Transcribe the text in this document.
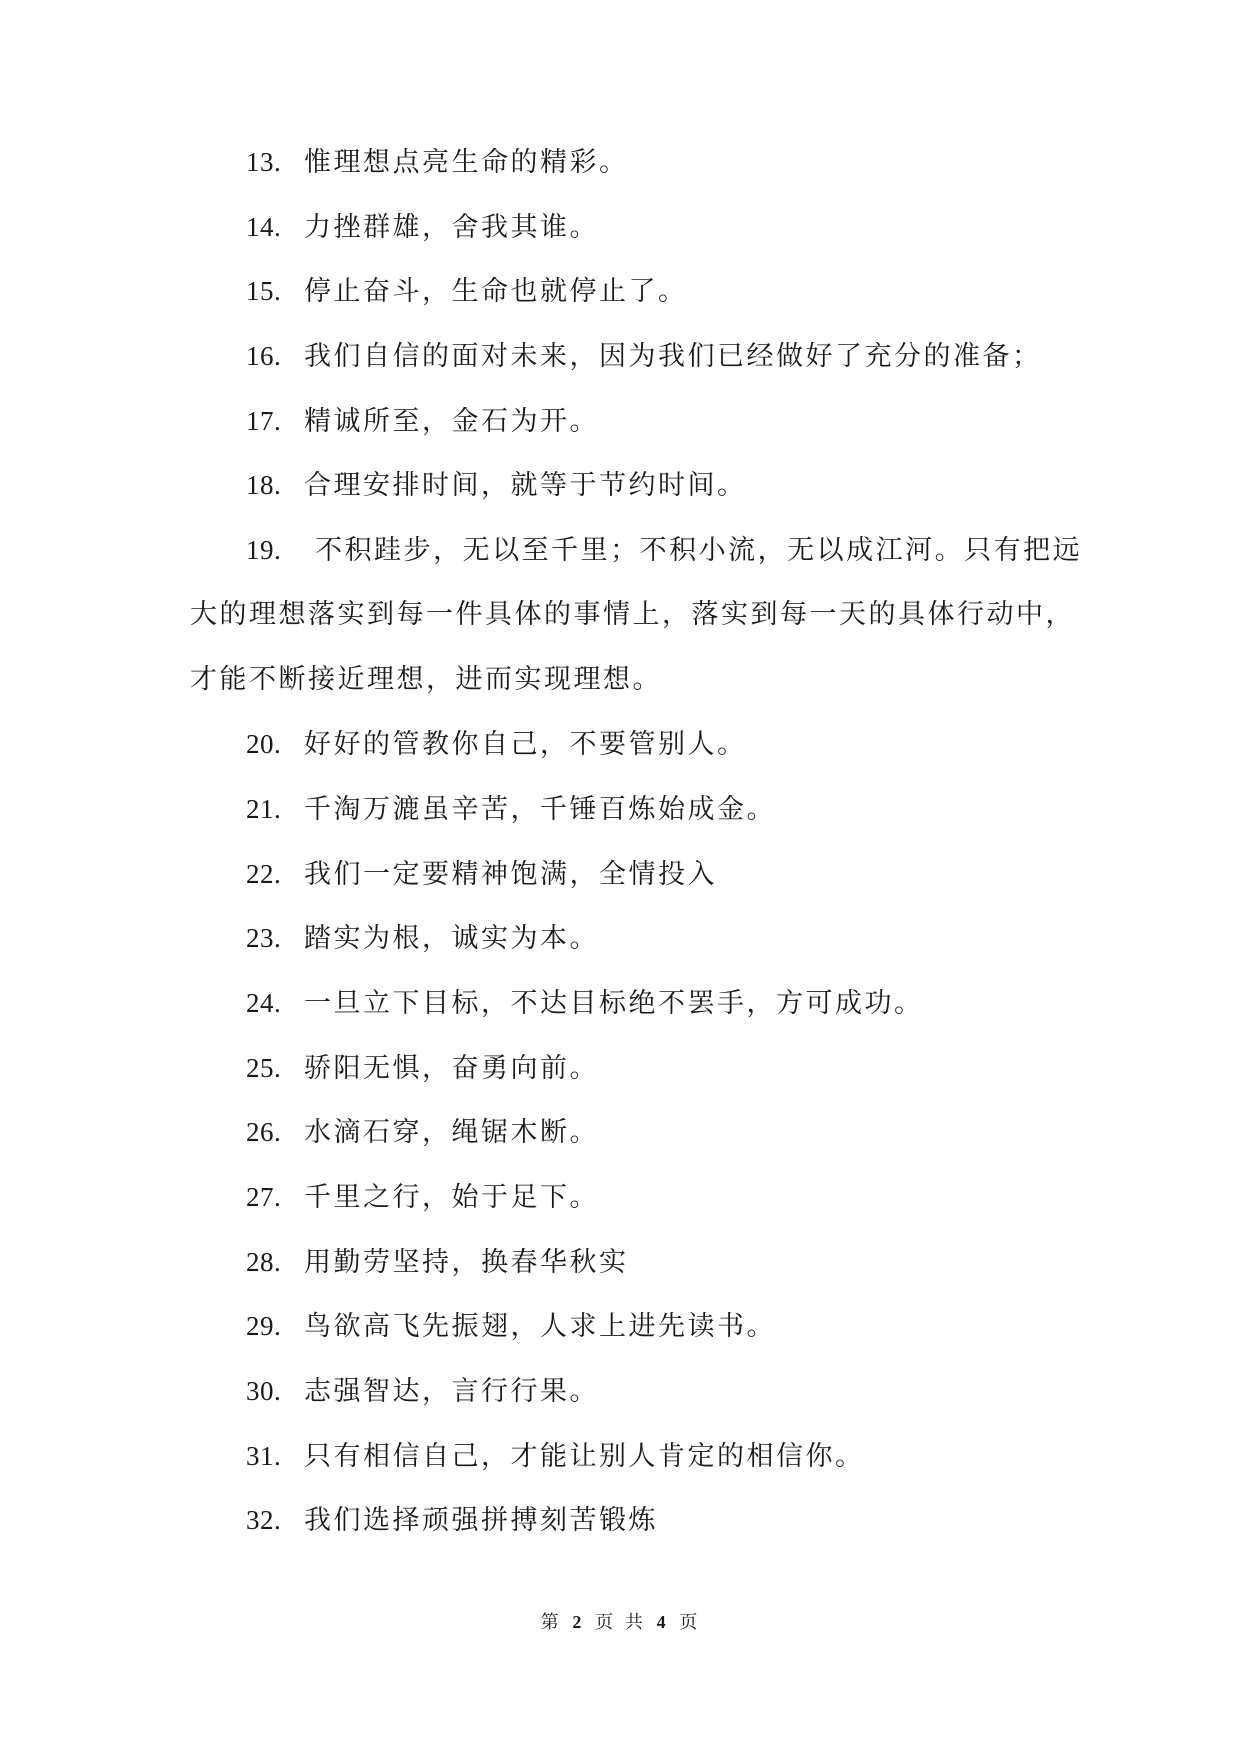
13. 惟理想点亮生命的精彩。
14. 力挫群雄，舍我其谁。
15. 停止奋斗，生命也就停止了。
16. 我们自信的面对未来，因为我们已经做好了充分的准备；
17. 精诚所至，金石为开。
18. 合理安排时间，就等于节约时间。
19. 不积跬步，无以至千里；不积小流，无以成江河。只有把远
大的理想落实到每一件具体的事情上，落实到每一天的具体行动中，
才能不断接近理想，进而实现理想。
20. 好好的管教你自己，不要管别人。
21. 千淘万漉虽辛苦，千锤百炼始成金。
22. 我们一定要精神饱满，全情投入
23. 踏实为根，诚实为本。
24. 一旦立下目标，不达目标绝不罢手，方可成功。
25. 骄阳无惧，奋勇向前。
26. 水滴石穿，绳锯木断。
27. 千里之行，始于足下。
28. 用勤劳坚持，换春华秋实
29. 鸟欲高飞先振翅，人求上进先读书。
30. 志强智达，言行行果。
31. 只有相信自己，才能让别人肯定的相信你。
32. 我们选择顽强拼搏刻苦锻炼
第 2 页 共 4 页
